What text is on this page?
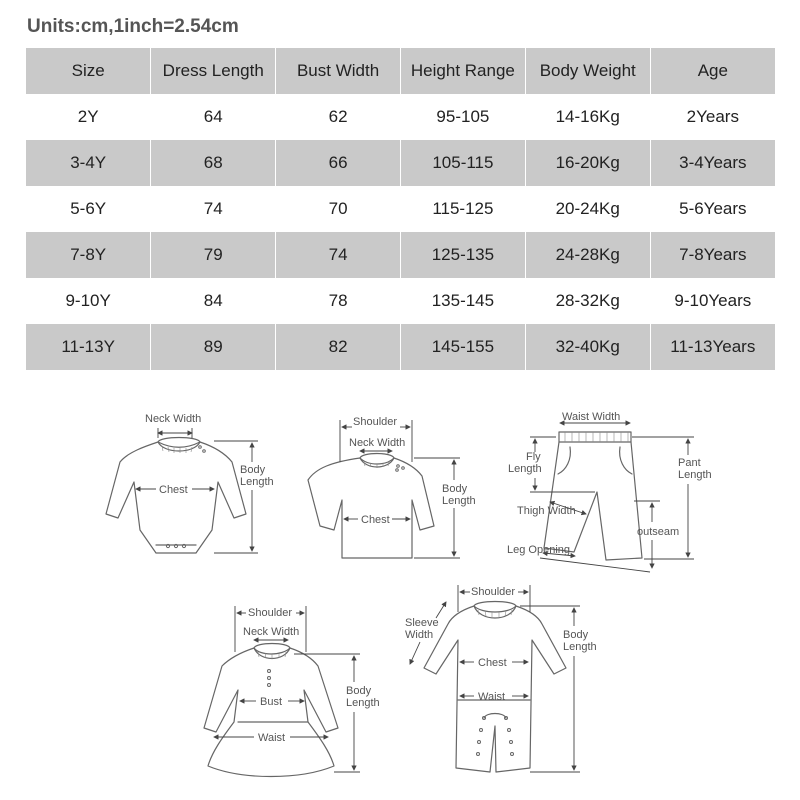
Units:cm,1inch=2.54cm
Size	Dress Length	Bust Width	Height Range	Body Weight	Age
2Y	64	62	95-105	14-16Kg	2Years
3-4Y	68	66	105-115	16-20Kg	3-4Years
5-6Y	74	70	115-125	20-24Kg	5-6Years
7-8Y	79	74	125-135	24-28Kg	7-8Years
9-10Y	84	78	135-145	28-32Kg	9-10Years
11-13Y	89	82	145-155	32-40Kg	11-13Years
Neck Width
Chest
Body
Length
Shoulder
Neck Width
Chest
Body
Length
Waist Width
Fly
Length	Pant
Length
Thigh Width
outseam
Leg Opening
Shoulder
Neck Width
Bust
Waist
Body
Length
Shoulder
Sleeve
Width
Chest
Waist
Body
Length
